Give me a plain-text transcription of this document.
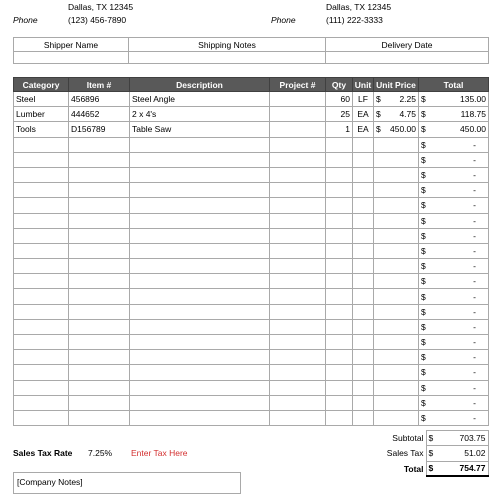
Dallas, TX 12345
Phone	(123) 456-7890
Dallas, TX 12345
Phone	(111) 222-3333
Shipper Name	Shipping Notes	Delivery Date

Category	Item #	Description	Project #	Qty	Unit	Unit Price	Total
Steel	456896	Steel Angle		60	LF	$ 2.25	$ 135.00

Lumber	444652	2 x 4's		25	EA	$ 4.75	$ 118.75

Tools	D156789	Table Saw		1	EA	$ 450.00	$ 450.00

							$ -

							$ -

							$ -

							$ -

							$ -

							$ -

							$ -

							$ -

							$ -

							$ -

							$ -

							$ -

							$ -

							$ -

							$ -

							$ -

							$ -

							$ -

							$ -
Sales Tax Rate 7.25% Enter Tax Here
Subtotal	$ 703.75

Sales Tax	$ 51.02

Total	$ 754.77
[Company Notes]
